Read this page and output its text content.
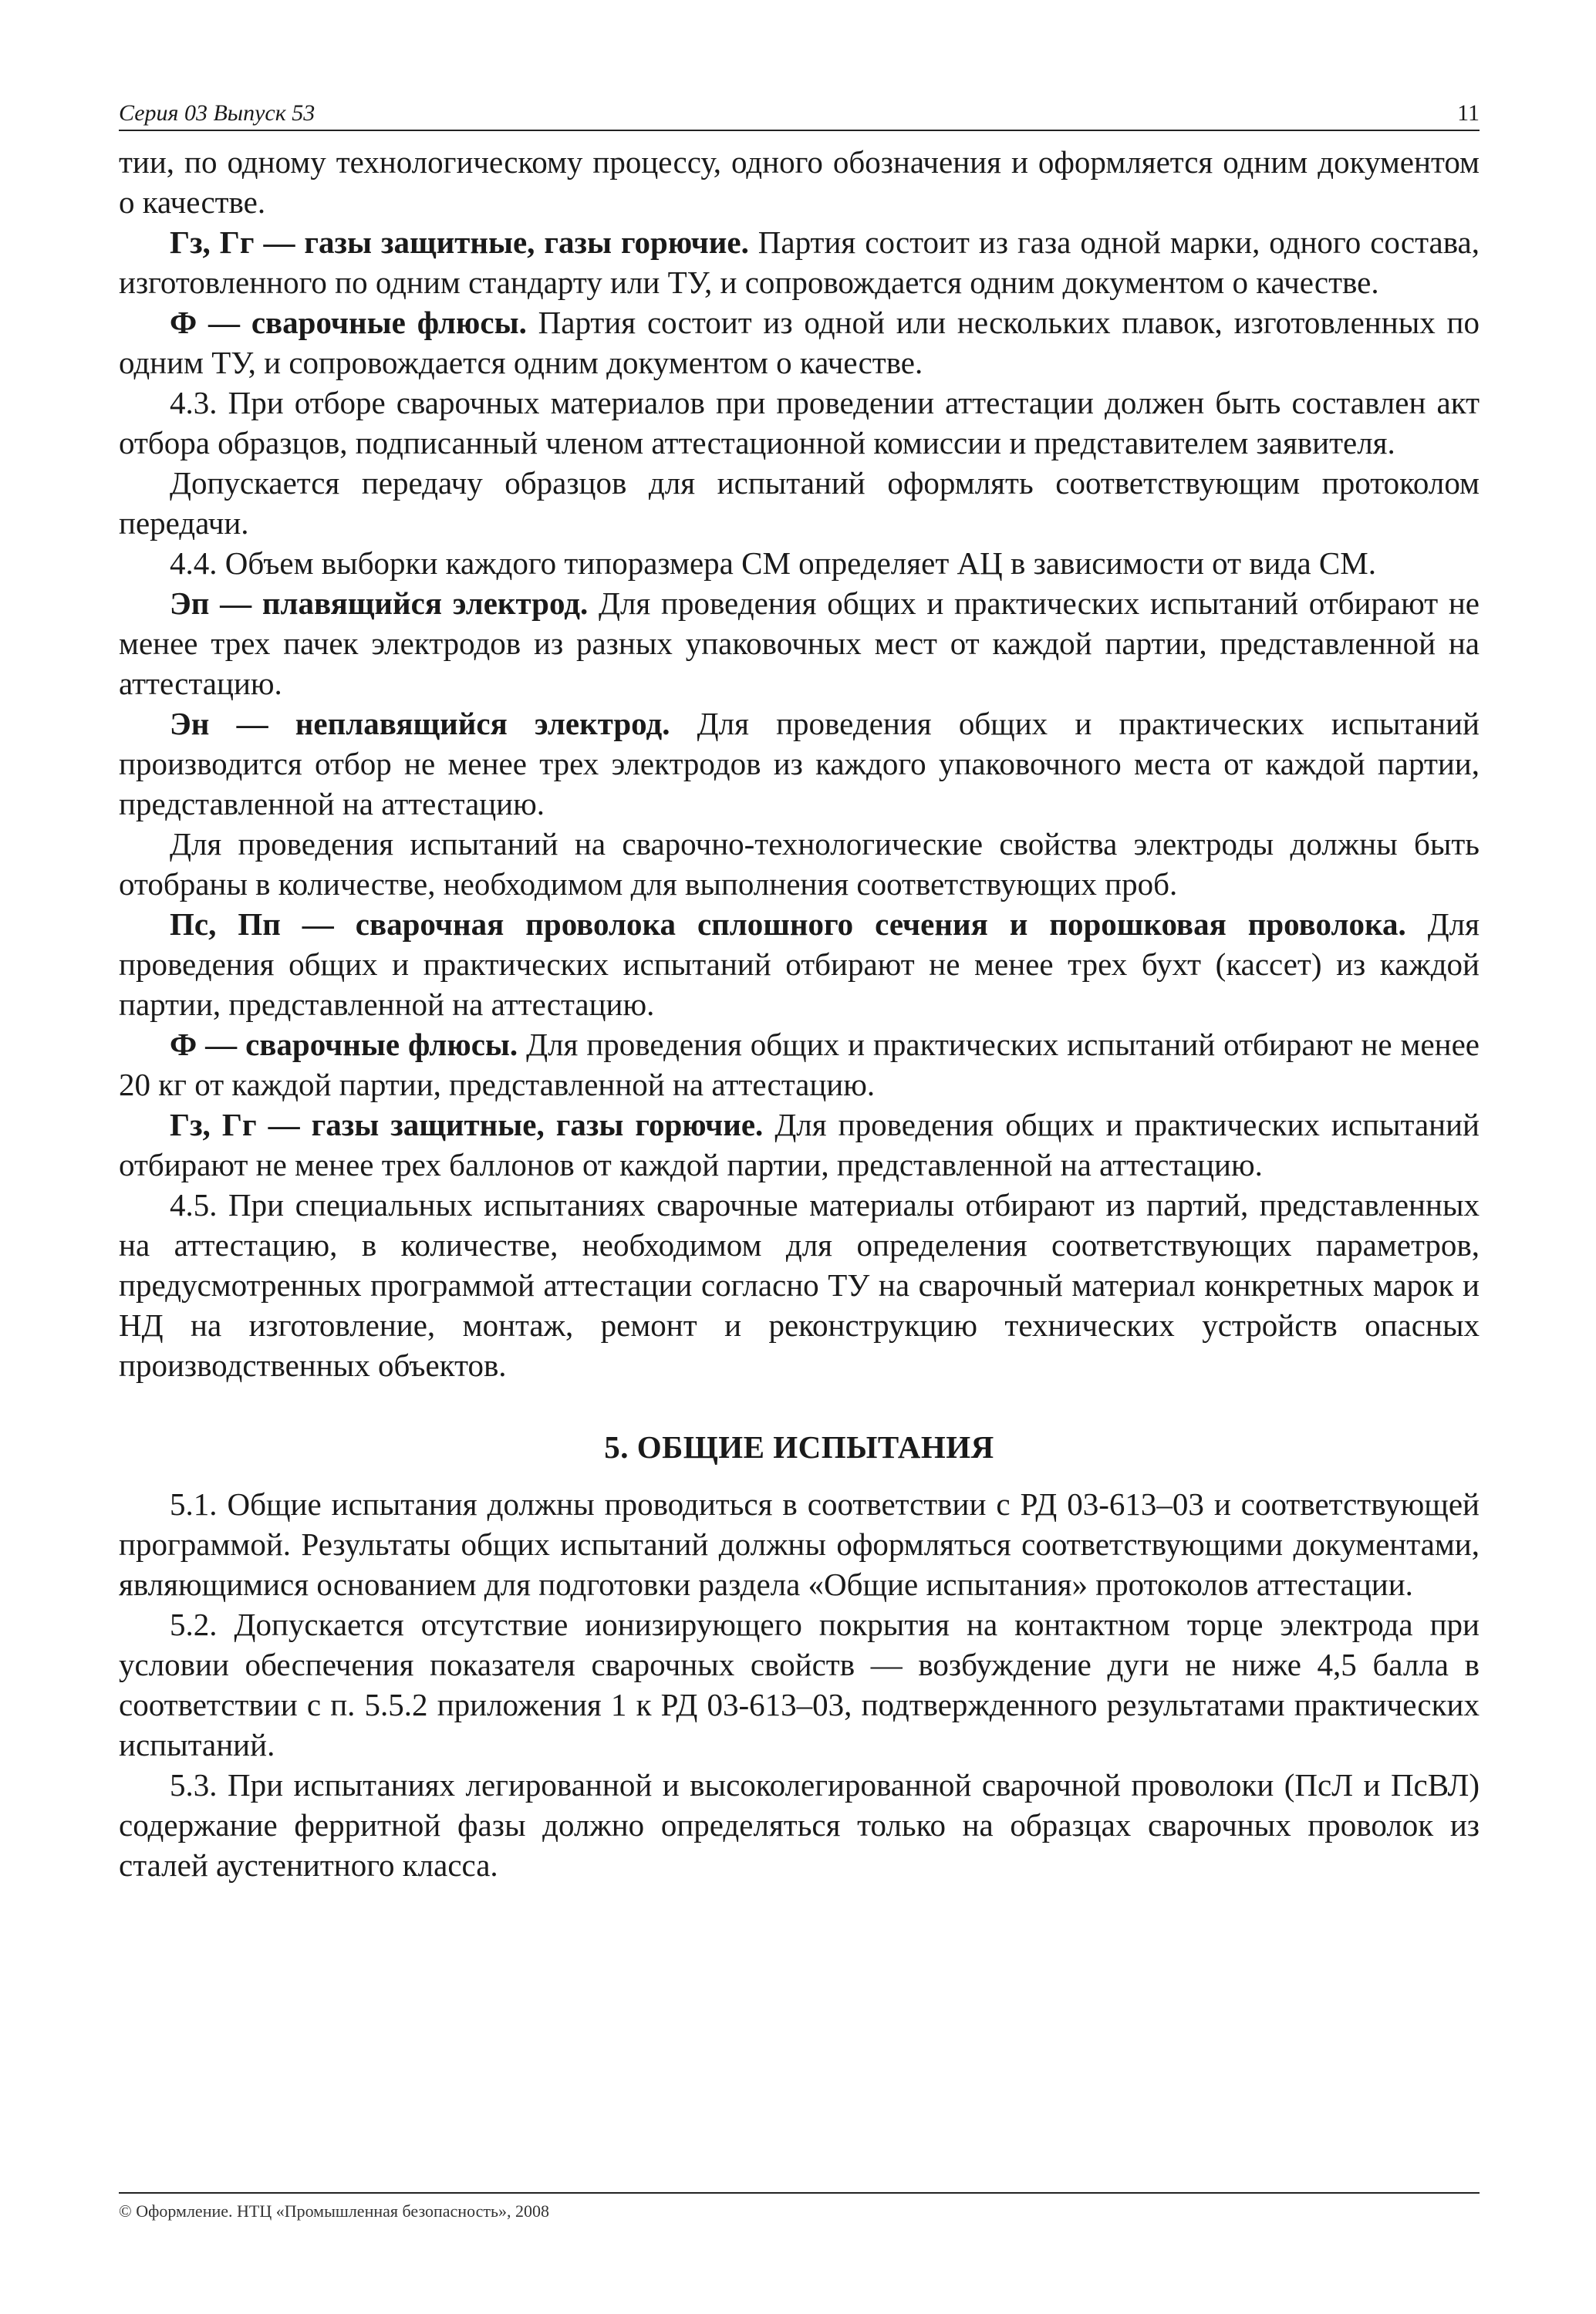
Серия 03 Выпуск 53	11

тии, по одному технологическому процессу, одного обозначения и оформляется одним документом о качестве.

Гз, Гг — газы защитные, газы горючие. Партия состоит из газа одной марки, одного состава, изготовленного по одним стандарту или ТУ, и сопровождается одним документом о качестве.

Ф — сварочные флюсы. Партия состоит из одной или нескольких плавок, изготовленных по одним ТУ, и сопровождается одним документом о качестве.

4.3. При отборе сварочных материалов при проведении аттестации должен быть составлен акт отбора образцов, подписанный членом аттестационной комиссии и представителем заявителя.

Допускается передачу образцов для испытаний оформлять соответствующим протоколом передачи.

4.4. Объем выборки каждого типоразмера СМ определяет АЦ в зависимости от вида СМ.

Эп — плавящийся электрод. Для проведения общих и практических испытаний отбирают не менее трех пачек электродов из разных упаковочных мест от каждой партии, представленной на аттестацию.

Эн — неплавящийся электрод. Для проведения общих и практических испытаний производится отбор не менее трех электродов из каждого упаковочного места от каждой партии, представленной на аттестацию.

Для проведения испытаний на сварочно-технологические свойства электроды должны быть отобраны в количестве, необходимом для выполнения соответствующих проб.

Пс, Пп — сварочная проволока сплошного сечения и порошковая проволока. Для проведения общих и практических испытаний отбирают не менее трех бухт (кассет) из каждой партии, представленной на аттестацию.

Ф — сварочные флюсы. Для проведения общих и практических испытаний отбирают не менее 20 кг от каждой партии, представленной на аттестацию.

Гз, Гг — газы защитные, газы горючие. Для проведения общих и практических испытаний отбирают не менее трех баллонов от каждой партии, представленной на аттестацию.

4.5. При специальных испытаниях сварочные материалы отбирают из партий, представленных на аттестацию, в количестве, необходимом для определения соответствующих параметров, предусмотренных программой аттестации согласно ТУ на сварочный материал конкретных марок и НД на изготовление, монтаж, ремонт и реконструкцию технических устройств опасных производственных объектов.

5. ОБЩИЕ ИСПЫТАНИЯ

5.1. Общие испытания должны проводиться в соответствии с РД 03-613–03 и соответствующей программой. Результаты общих испытаний должны оформляться соответствующими документами, являющимися основанием для подготовки раздела «Общие испытания» протоколов аттестации.

5.2. Допускается отсутствие ионизирующего покрытия на контактном торце электрода при условии обеспечения показателя сварочных свойств — возбуждение дуги не ниже 4,5 балла в соответствии с п. 5.5.2 приложения 1 к РД 03-613–03, подтвержденного результатами практических испытаний.

5.3. При испытаниях легированной и высоколегированной сварочной проволоки (ПсЛ и ПсВЛ) содержание ферритной фазы должно определяться только на образцах сварочных проволок из сталей аустенитного класса.

© Оформление. НТЦ «Промышленная безопасность», 2008
